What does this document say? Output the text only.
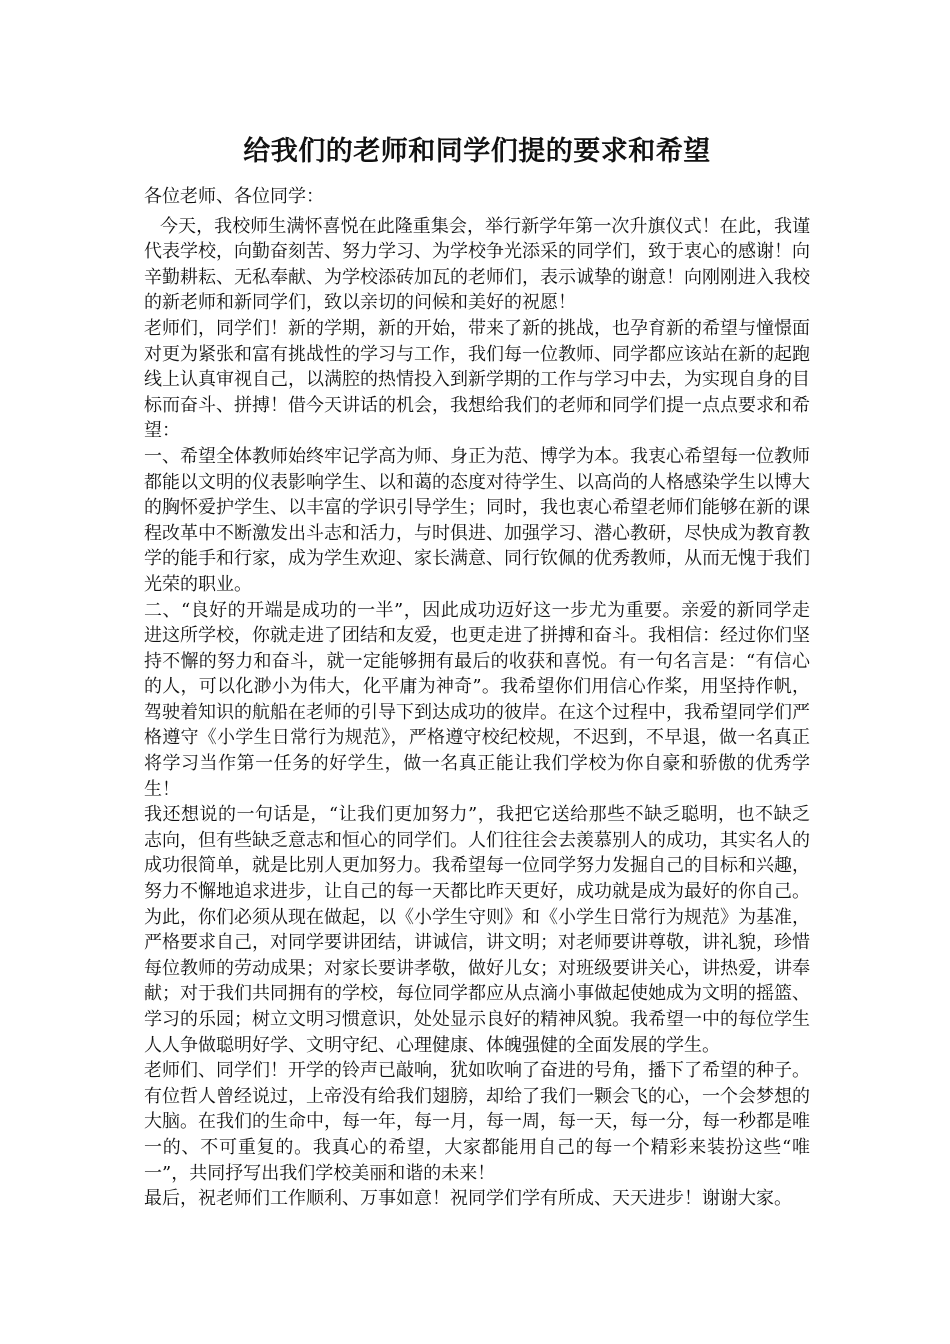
给我们的老师和同学们提的要求和希望

各位老师、各位同学：

今天，我校师生满怀喜悦在此隆重集会，举行新学年第一次升旗仪式！在此，我谨代表学校，向勤奋刻苦、努力学习、为学校争光添采的同学们，致于衷心的感谢！向辛勤耕耘、无私奉献、为学校添砖加瓦的老师们，表示诚挚的谢意！向刚刚进入我校的新老师和新同学们，致以亲切的问候和美好的祝愿！

老师们，同学们！新的学期，新的开始，带来了新的挑战，也孕育新的希望与憧憬面对更为紧张和富有挑战性的学习与工作，我们每一位教师、同学都应该站在新的起跑线上认真审视自己，以满腔的热情投入到新学期的工作与学习中去，为实现自身的目标而奋斗、拼搏！借今天讲话的机会，我想给我们的老师和同学们提一点点要求和希望：

一、希望全体教师始终牢记学高为师、身正为范、博学为本。我衷心希望每一位教师都能以文明的仪表影响学生、以和蔼的态度对待学生、以高尚的人格感染学生以博大的胸怀爱护学生、以丰富的学识引导学生；同时，我也衷心希望老师们能够在新的课程改革中不断激发出斗志和活力，与时俱进、加强学习、潜心教研，尽快成为教育教学的能手和行家，成为学生欢迎、家长满意、同行钦佩的优秀教师，从而无愧于我们光荣的职业。

二、“良好的开端是成功的一半”，因此成功迈好这一步尤为重要。亲爱的新同学走进这所学校，你就走进了团结和友爱，也更走进了拼搏和奋斗。我相信：经过你们坚持不懈的努力和奋斗，就一定能够拥有最后的收获和喜悦。有一句名言是：“有信心的人，可以化渺小为伟大，化平庸为神奇”。我希望你们用信心作桨，用坚持作帆，驾驶着知识的航船在老师的引导下到达成功的彼岸。在这个过程中，我希望同学们严格遵守《小学生日常行为规范》，严格遵守校纪校规，不迟到，不早退，做一名真正将学习当作第一任务的好学生，做一名真正能让我们学校为你自豪和骄傲的优秀学生！

我还想说的一句话是，“让我们更加努力”，我把它送给那些不缺乏聪明，也不缺乏志向，但有些缺乏意志和恒心的同学们。人们往往会去羡慕别人的成功，其实名人的成功很简单，就是比别人更加努力。我希望每一位同学努力发掘自己的目标和兴趣，努力不懈地追求进步，让自己的每一天都比昨天更好，成功就是成为最好的你自己。为此，你们必须从现在做起，以《小学生守则》和《小学生日常行为规范》为基准，严格要求自己，对同学要讲团结，讲诚信，讲文明；对老师要讲尊敬，讲礼貌，珍惜每位教师的劳动成果；对家长要讲孝敬，做好儿女；对班级要讲关心，讲热爱，讲奉献；对于我们共同拥有的学校，每位同学都应从点滴小事做起使她成为文明的摇篮、学习的乐园；树立文明习惯意识，处处显示良好的精神风貌。我希望一中的每位学生人人争做聪明好学、文明守纪、心理健康、体魄强健的全面发展的学生。

老师们、同学们！开学的铃声已敲响，犹如吹响了奋进的号角，播下了希望的种子。有位哲人曾经说过，上帝没有给我们翅膀，却给了我们一颗会飞的心，一个会梦想的大脑。在我们的生命中，每一年，每一月，每一周，每一天，每一分，每一秒都是唯一的、不可重复的。我真心的希望，大家都能用自己的每一个精彩来装扮这些“唯一”，共同抒写出我们学校美丽和谐的未来！

最后，祝老师们工作顺利、万事如意！祝同学们学有所成、天天进步！谢谢大家。
